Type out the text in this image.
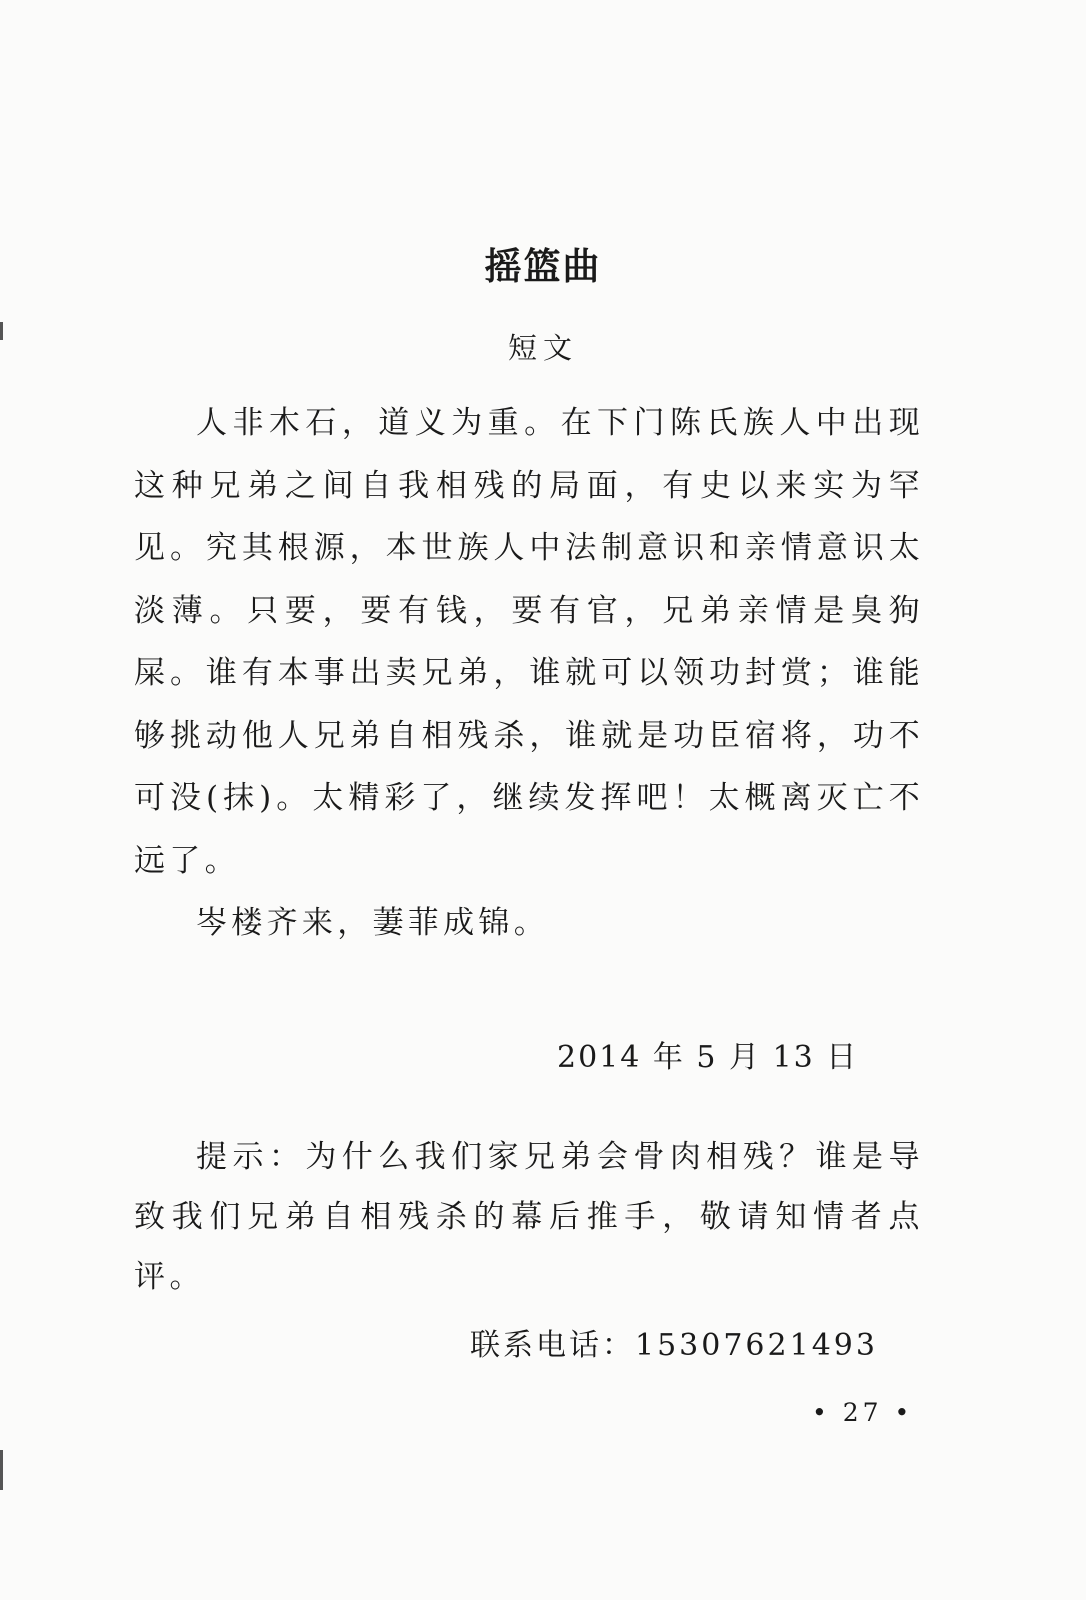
摇篮曲
短文

人非木石，道义为重。在下门陈氏族人中出现这种兄弟之间自我相残的局面，有史以来实为罕见。究其根源，本世族人中法制意识和亲情意识太淡薄。只要，要有钱，要有官，兄弟亲情是臭狗屎。谁有本事出卖兄弟，谁就可以领功封赏；谁能够挑动他人兄弟自相残杀，谁就是功臣宿将，功不可没(抹)。太精彩了，继续发挥吧！太概离灭亡不远了。

岑楼齐来，萋菲成锦。

2014 年 5 月 13 日

提示：为什么我们家兄弟会骨肉相残？谁是导致我们兄弟自相残杀的幕后推手，敬请知情者点评。

联系电话：15307621493
• 27 •
